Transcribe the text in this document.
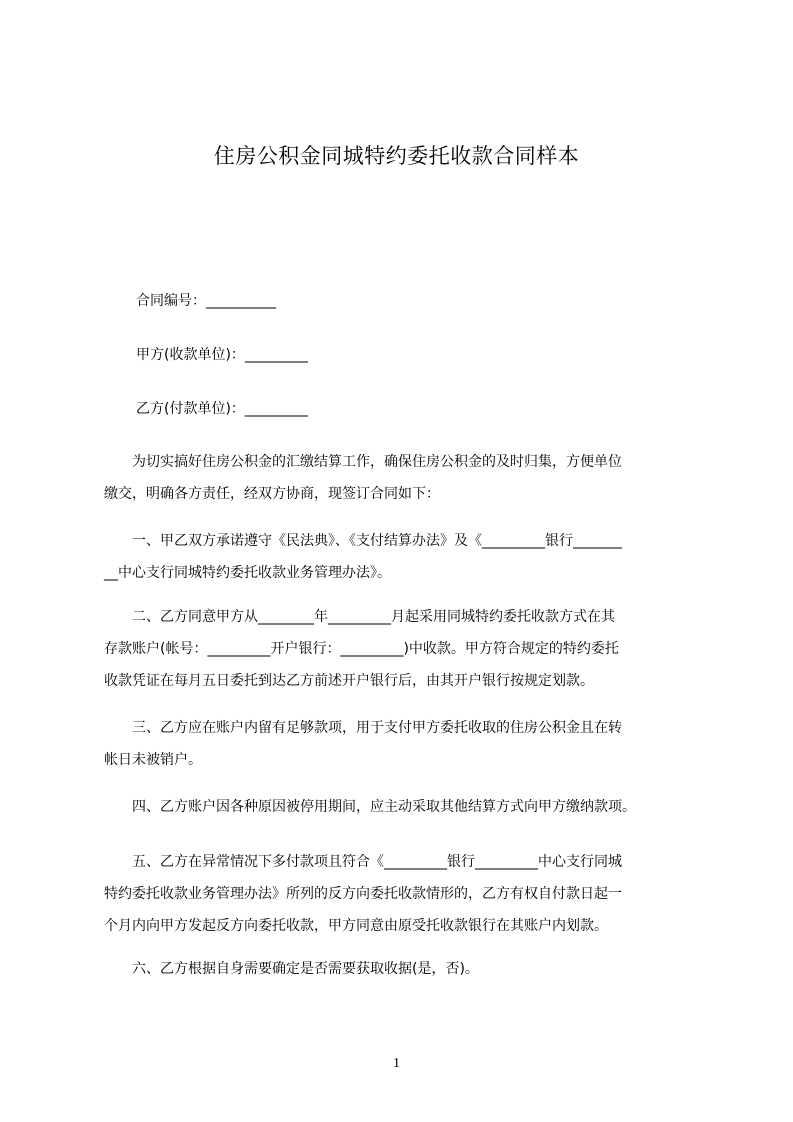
住房公积金同城特约委托收款合同样本
合同编号：__________
甲方(收款单位)：_________
乙方(付款单位)：_________
　　为切实搞好住房公积金的汇缴结算工作，确保住房公积金的及时归集，方便单位
缴交，明确各方责任，经双方协商，现签订合同如下：
　　一、甲乙双方承诺遵守《民法典》、《支付结算办法》及《_________银行_______
__中心支行同城特约委托收款业务管理办法》。
　　二、乙方同意甲方从________年_________月起采用同城特约委托收款方式在其
存款账户(帐号：_________开户银行：_________)中收款。甲方符合规定的特约委托
收款凭证在每月五日委托到达乙方前述开户银行后，由其开户银行按规定划款。
　　三、乙方应在账户内留有足够款项，用于支付甲方委托收取的住房公积金且在转
帐日未被销户。
　　四、乙方账户因各种原因被停用期间，应主动采取其他结算方式向甲方缴纳款项。
　　五、乙方在异常情况下多付款项且符合《_________银行_________中心支行同城
特约委托收款业务管理办法》所列的反方向委托收款情形的，乙方有权自付款日起一
个月内向甲方发起反方向委托收款，甲方同意由原受托收款银行在其账户内划款。
　　六、乙方根据自身需要确定是否需要获取收据(是，否)。
1
